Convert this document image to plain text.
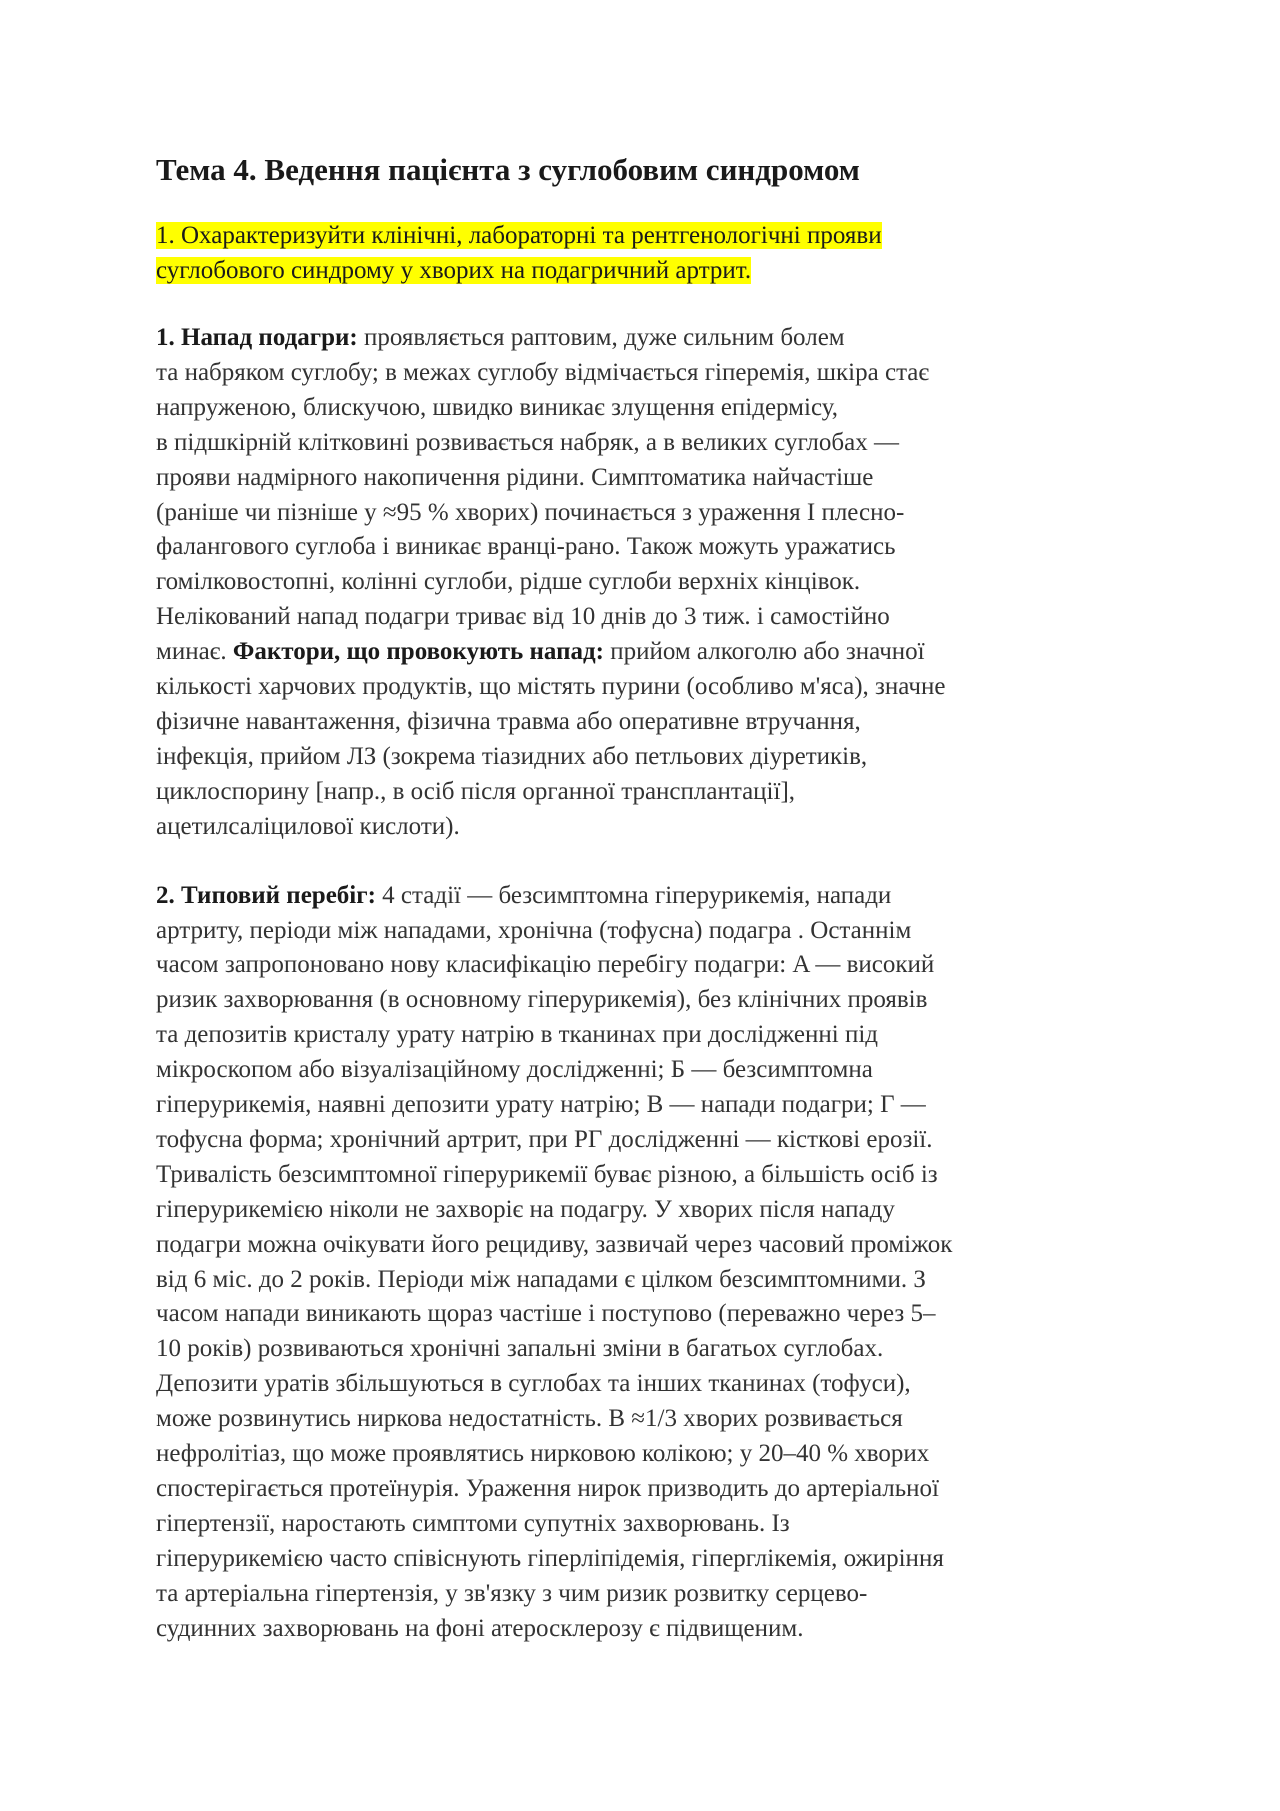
Тема 4. Ведення пацієнта з суглобовим синдромом
1. Охарактеризуйти клінічні, лабораторні та рентгенологічні прояви
суглобового синдрому у хворих на подагричний артрит.
1. Напад подагри: проявляється раптовим, дуже сильним болем
та набряком суглобу; в межах суглобу відмічається гіперемія, шкіра стає
напруженою, блискучою, швидко виникає злущення епідермісу,
в підшкірній клітковині розвивається набряк, а в великих суглобах —
прояви надмірного накопичення рідини. Симптоматика найчастіше
(раніше чи пізніше у ≈95 % хворих) починається з ураження I плесно-
фалангового суглоба і виникає вранці-рано. Також можуть уражатись
гомілковостопні, колінні суглоби, рідше суглоби верхніх кінцівок.
Нелікований напад подагри триває від 10 днів до 3 тиж. і самостійно
минає. Фактори, що провокують напад: прийом алкоголю або значної
кількості харчових продуктів, що містять пурини (особливо м'яса), значне
фізичне навантаження, фізична травма або оперативне втручання,
інфекція, прийом ЛЗ (зокрема тіазидних або петльових діуретиків,
циклоспорину [напр., в осіб після органної трансплантації],
ацетилсаліцилової кислоти).
2. Типовий перебіг: 4 стадії — безсимптомна гіперурикемія, напади
артриту, періоди між нападами, хронічна (тофусна) подагра . Останнім
часом запропоновано нову класифікацію перебігу подагри: A — високий
ризик захворювання (в основному гіперурикемія), без клінічних проявів
та депозитів кристалу урату натрію в тканинах при дослідженні під
мікроскопом або візуалізаційному дослідженні; Б — безсимптомна
гіперурикемія, наявні депозити урату натрію; В — напади подагри; Г —
тофусна форма; хронічний артрит, при РГ дослідженні — кісткові ерозії.
Тривалість безсимптомної гіперурикемії буває різною, а більшість осіб із
гіперурикемією ніколи не захворіє на подагру. У хворих після нападу
подагри можна очікувати його рецидиву, зазвичай через часовий проміжок
від 6 міс. до 2 років. Періоди між нападами є цілком безсимптомними. З
часом напади виникають щораз частіше і поступово (переважно через 5–
10 років) розвиваються хронічні запальні зміни в багатьох суглобах.
Депозити уратів збільшуються в суглобах та інших тканинах (тофуси),
може розвинутись ниркова недостатність. В ≈1/3 хворих розвивається
нефролітіаз, що може проявлятись нирковою колікою; у 20–40 % хворих
спостерігається протеїнурія. Ураження нирок призводить до артеріальної
гіпертензії, наростають симптоми супутніх захворювань. Із
гіперурикемією часто співіснують гіперліпідемія, гіперглікемія, ожиріння
та артеріальна гіпертензія, у зв'язку з чим ризик розвитку серцево-
судинних захворювань на фоні атеросклерозу є підвищеним.
